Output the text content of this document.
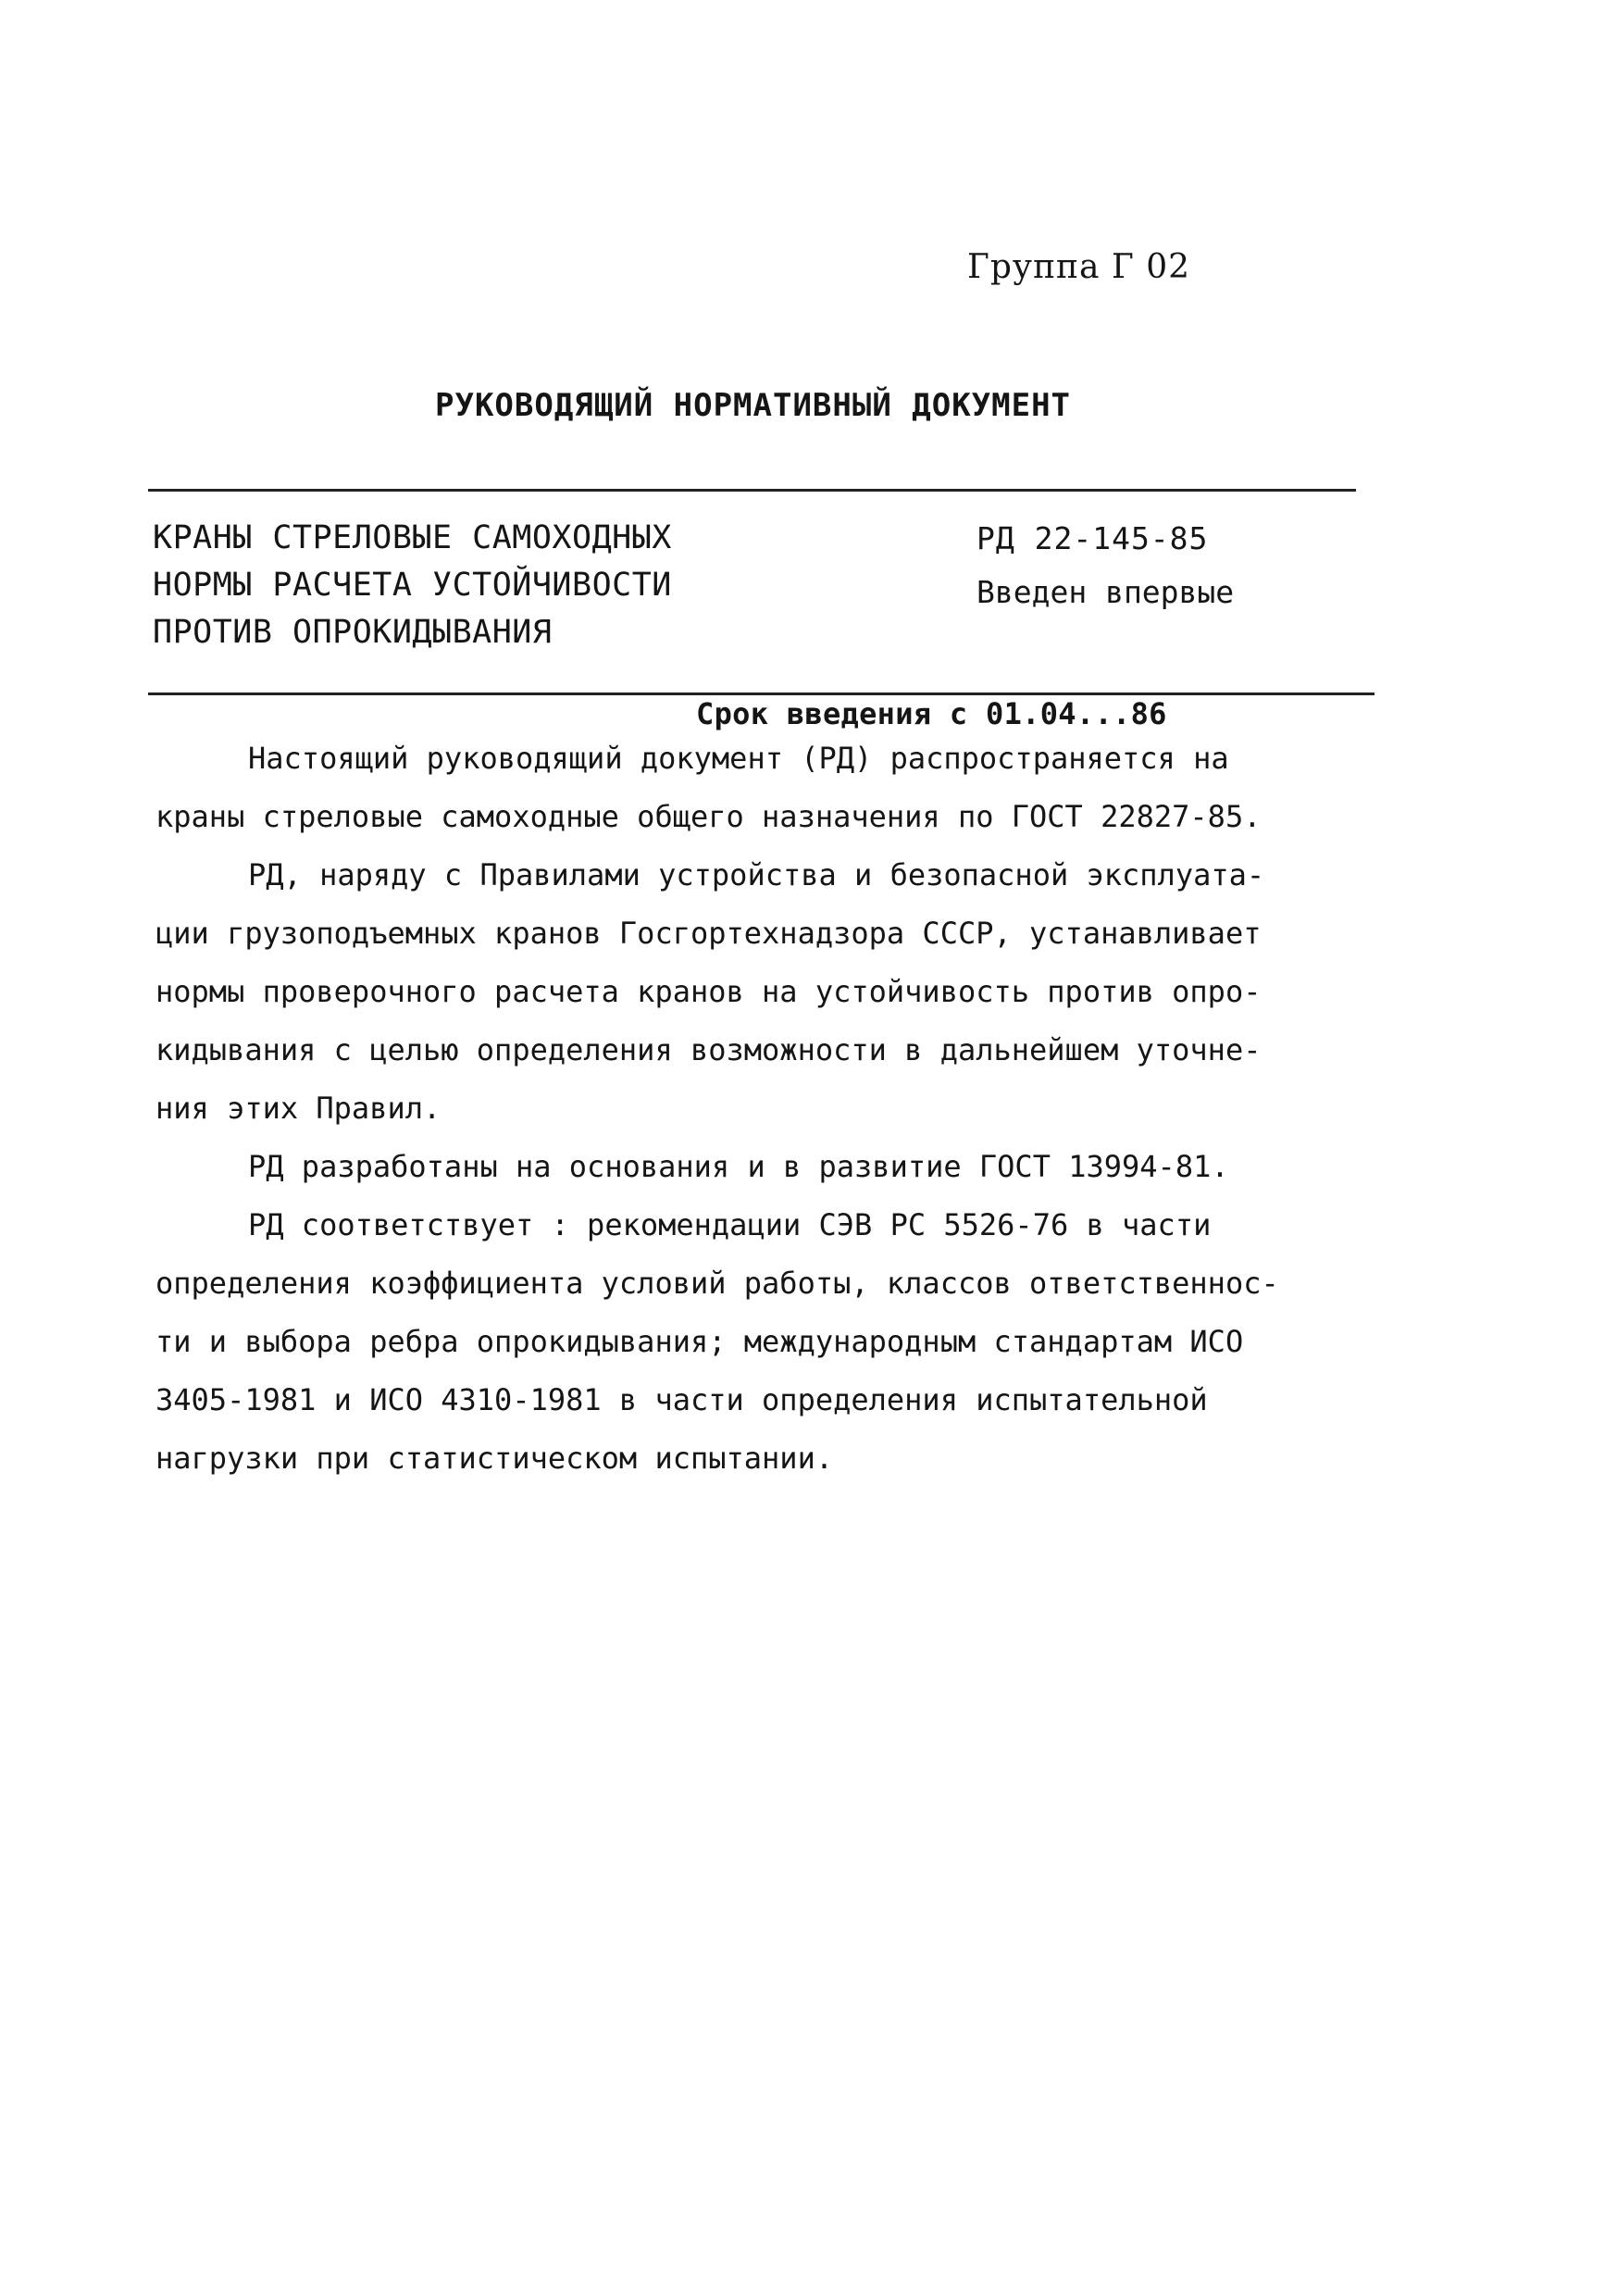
Группа Г 02
РУКОВОДЯЩИЙ НОРМАТИВНЫЙ ДОКУМЕНТ
КРАНЫ СТРЕЛОВЫЕ САМОХОДНЫХ
НОРМЫ РАСЧЕТА УСТОЙЧИВОСТИ
ПРОТИВ ОПРОКИДЫВАНИЯ
РД 22-145-85
Введен впервые
Срок введения с 01.04...86
Настоящий руководящий документ (РД) распространяется на
краны стреловые самоходные общего назначения по ГОСТ 22827-85.
РД, наряду с Правилами устройства и безопасной эксплуата-
ции грузоподъемных кранов Госгортехнадзора СССР, устанавливает
нормы проверочного расчета кранов на устойчивость против опро-
кидывания с целью определения возможности в дальнейшем уточне-
ния этих Правил.
РД разработаны на основания и в развитие ГОСТ 13994-81.
РД соответствует : рекомендации СЭВ РС 5526-76 в части
определения коэффициента условий работы, классов ответственнос-
ти и выбора ребра опрокидывания; международным стандартам ИСО
3405-1981 и ИСО 4310-1981 в части определения испытательной
нагрузки при статистическом испытании.
